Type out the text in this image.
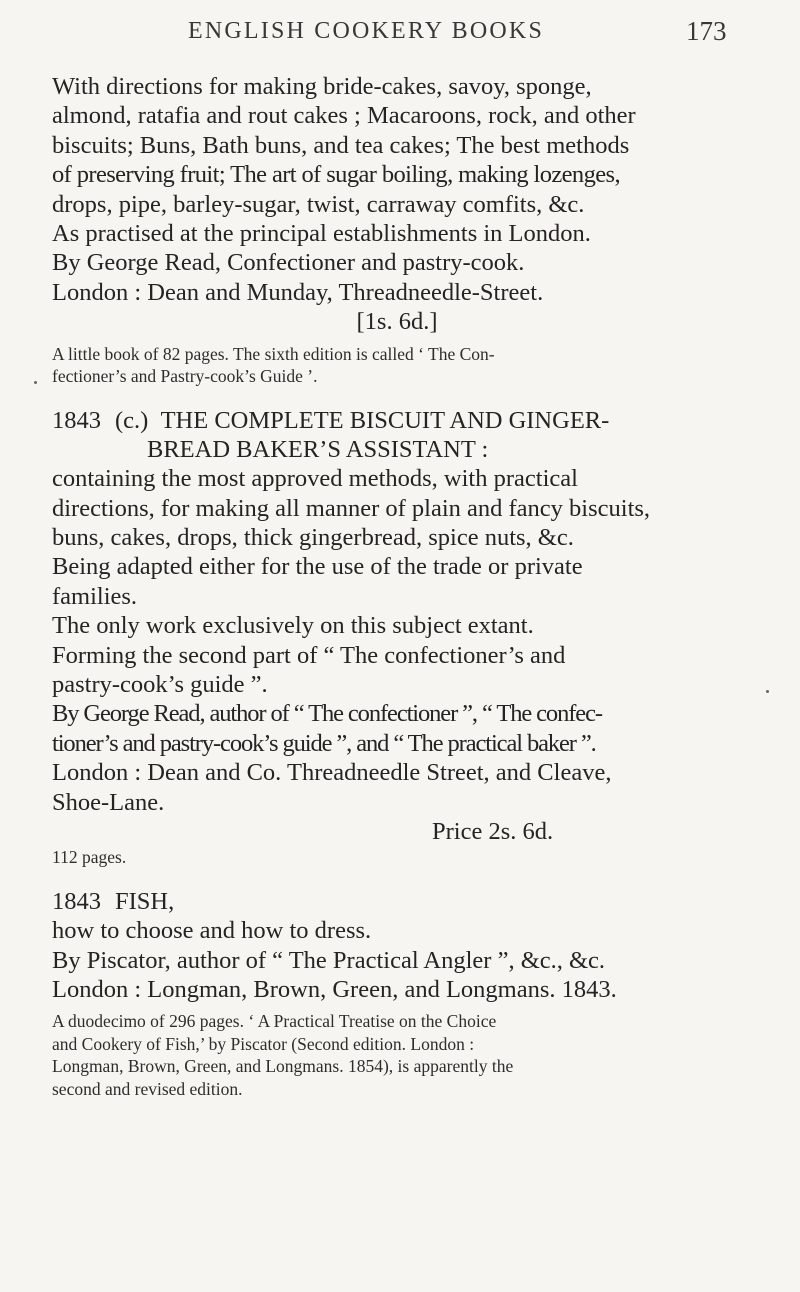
ENGLISH COOKERY BOOKS	173
With directions for making bride-cakes, savoy, sponge,
almond, ratafia and rout cakes ; Macaroons, rock, and other
biscuits; Buns, Bath buns, and tea cakes; The best methods
of preserving fruit; The art of sugar boiling, making lozenges,
drops, pipe, barley-sugar, twist, carraway comfits, &c.
As practised at the principal establishments in London.
By George Read, Confectioner and pastry-cook.
London : Dean and Munday, Threadneedle-Street.
[1s. 6d.]
A little book of 82 pages. The sixth edition is called ‘ The Con-
fectioner’s and Pastry-cook’s Guide ’.
1843 (c.) THE COMPLETE BISCUIT AND GINGER-
BREAD BAKER’S ASSISTANT :
containing the most approved methods, with practical
directions, for making all manner of plain and fancy biscuits,
buns, cakes, drops, thick gingerbread, spice nuts, &c.
Being adapted either for the use of the trade or private
families.
The only work exclusively on this subject extant.
Forming the second part of “ The confectioner’s and
pastry-cook’s guide ”.
By George Read, author of “ The confectioner ”, “ The confec-
tioner’s and pastry-cook’s guide ”, and “ The practical baker ”.
London : Dean and Co. Threadneedle Street, and Cleave,
Shoe-Lane.
Price 2s. 6d.
112 pages.
1843 FISH,
how to choose and how to dress.
By Piscator, author of “ The Practical Angler ”, &c., &c.
London : Longman, Brown, Green, and Longmans. 1843.
A duodecimo of 296 pages. ‘ A Practical Treatise on the Choice
and Cookery of Fish,’ by Piscator (Second edition. London :
Longman, Brown, Green, and Longmans. 1854), is apparently the
second and revised edition.
